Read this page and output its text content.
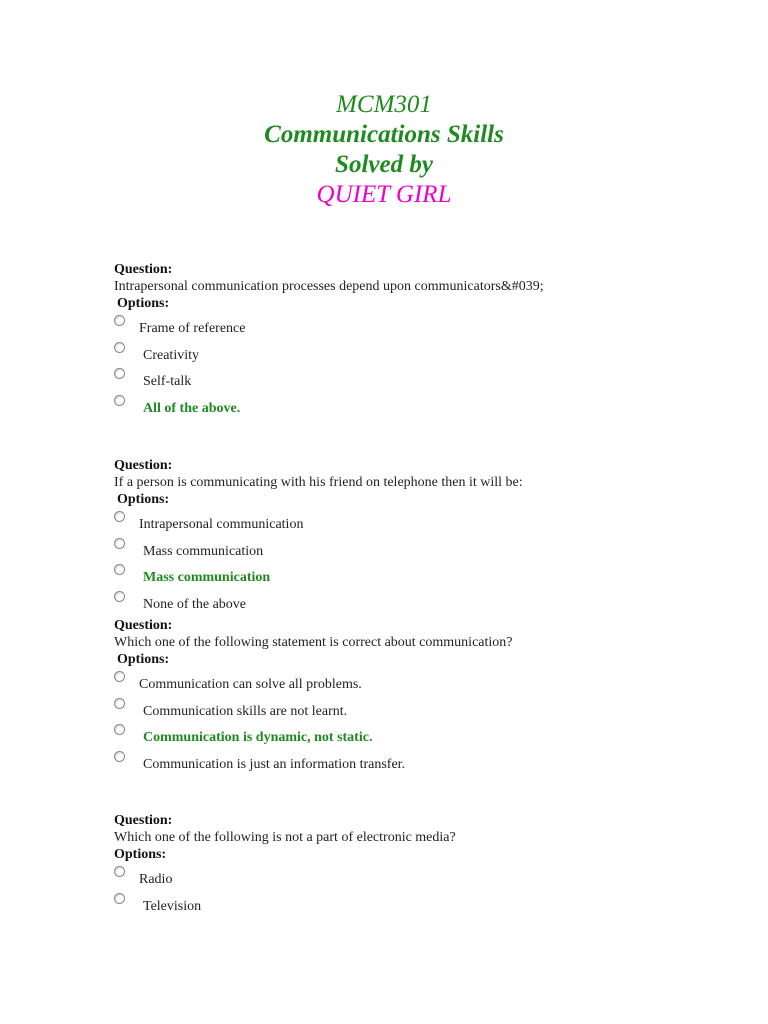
MCM301
Communications Skills
Solved by
QUIET GIRL
Question:
Intrapersonal communication processes depend upon communicators&#039;
Options:
Frame of reference
Creativity
Self-talk
All of the above.
Question:
If a person is communicating with his friend on telephone then it will be:
Options:
Intrapersonal communication
Mass communication
Mass communication
None of the above
Question:
Which one of the following statement is correct about communication?
Options:
Communication can solve all problems.
Communication skills are not learnt.
Communication is dynamic, not static.
Communication is just an information transfer.
Question:
Which one of the following is not a part of electronic media?
Options:
Radio
Television
